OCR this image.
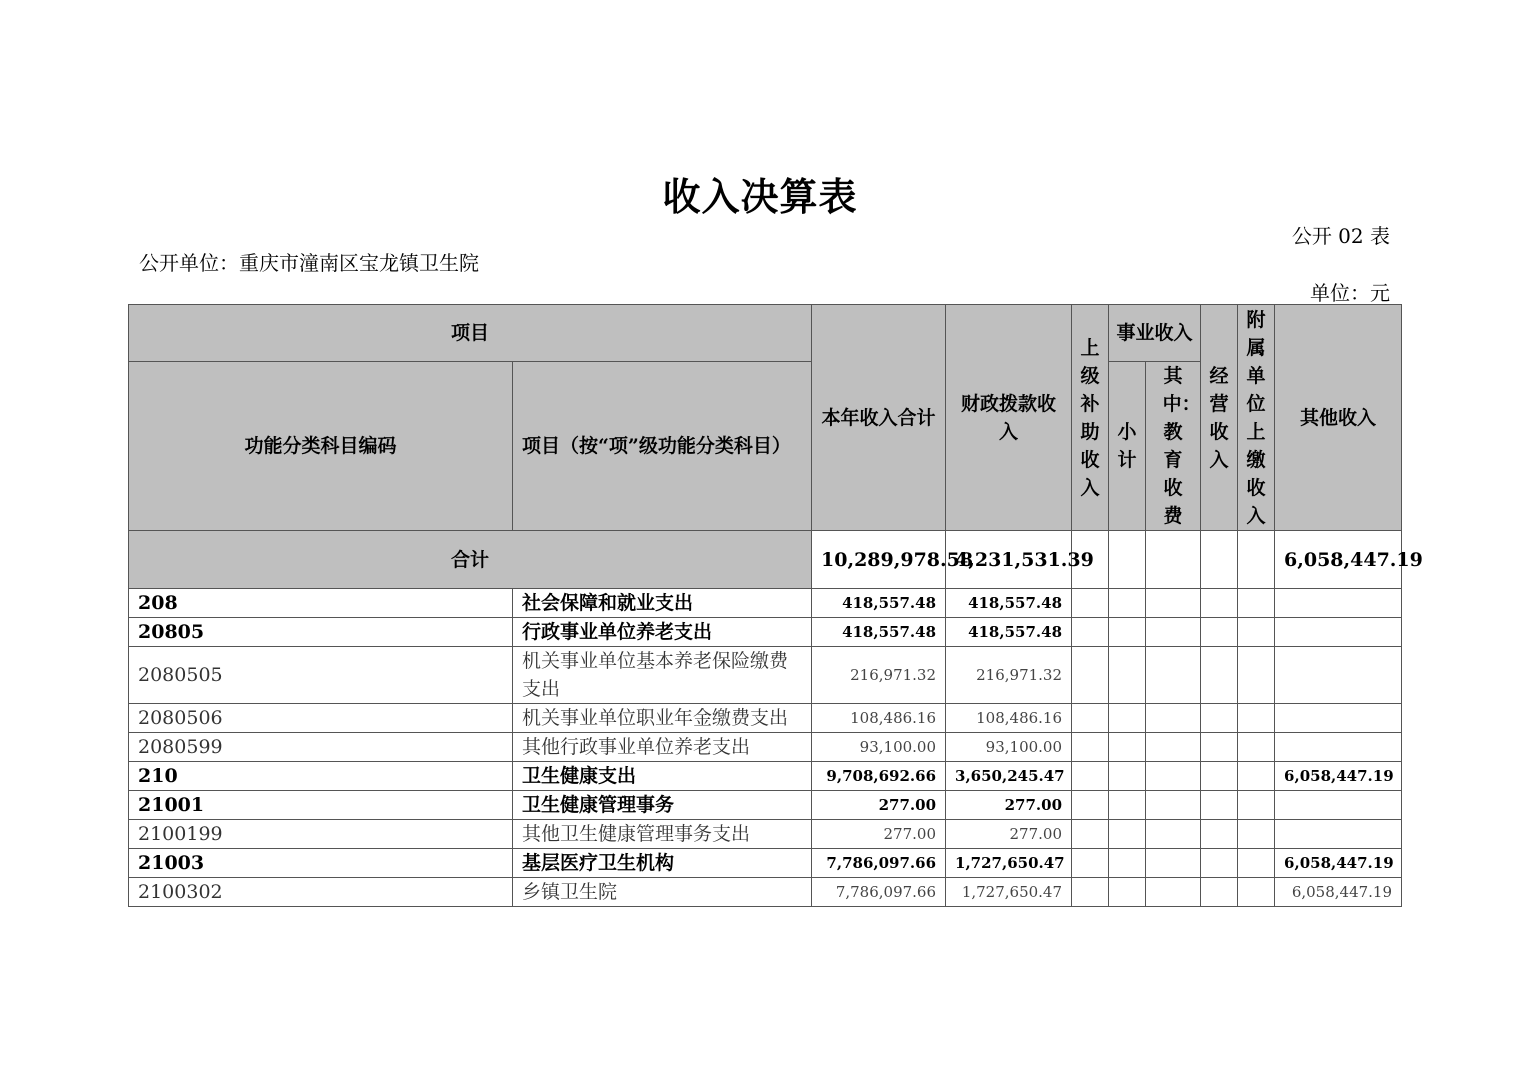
收入决算表
公开 02 表
公开单位：重庆市潼南区宝龙镇卫生院
单位：元
项目		本年收入合计	财政拨款收入	上级补助收入	事业收入		经营收入	附属单位上缴收入	其他收入
功能分类科目编码	项目（按“项”级功能分类科目）				小计	其中：教育收费			
合计		10,289,978.58	4,231,531.39						6,058,447.19
208	社会保障和就业支出	418,557.48	418,557.48						
20805	行政事业单位养老支出	418,557.48	418,557.48						
2080505	机关事业单位基本养老保险缴费支出	216,971.32	216,971.32						
2080506	机关事业单位职业年金缴费支出	108,486.16	108,486.16						
2080599	其他行政事业单位养老支出	93,100.00	93,100.00						
210	卫生健康支出	9,708,692.66	3,650,245.47						6,058,447.19
21001	卫生健康管理事务	277.00	277.00						
2100199	其他卫生健康管理事务支出	277.00	277.00						
21003	基层医疗卫生机构	7,786,097.66	1,727,650.47						6,058,447.19
2100302	乡镇卫生院	7,786,097.66	1,727,650.47						6,058,447.19
